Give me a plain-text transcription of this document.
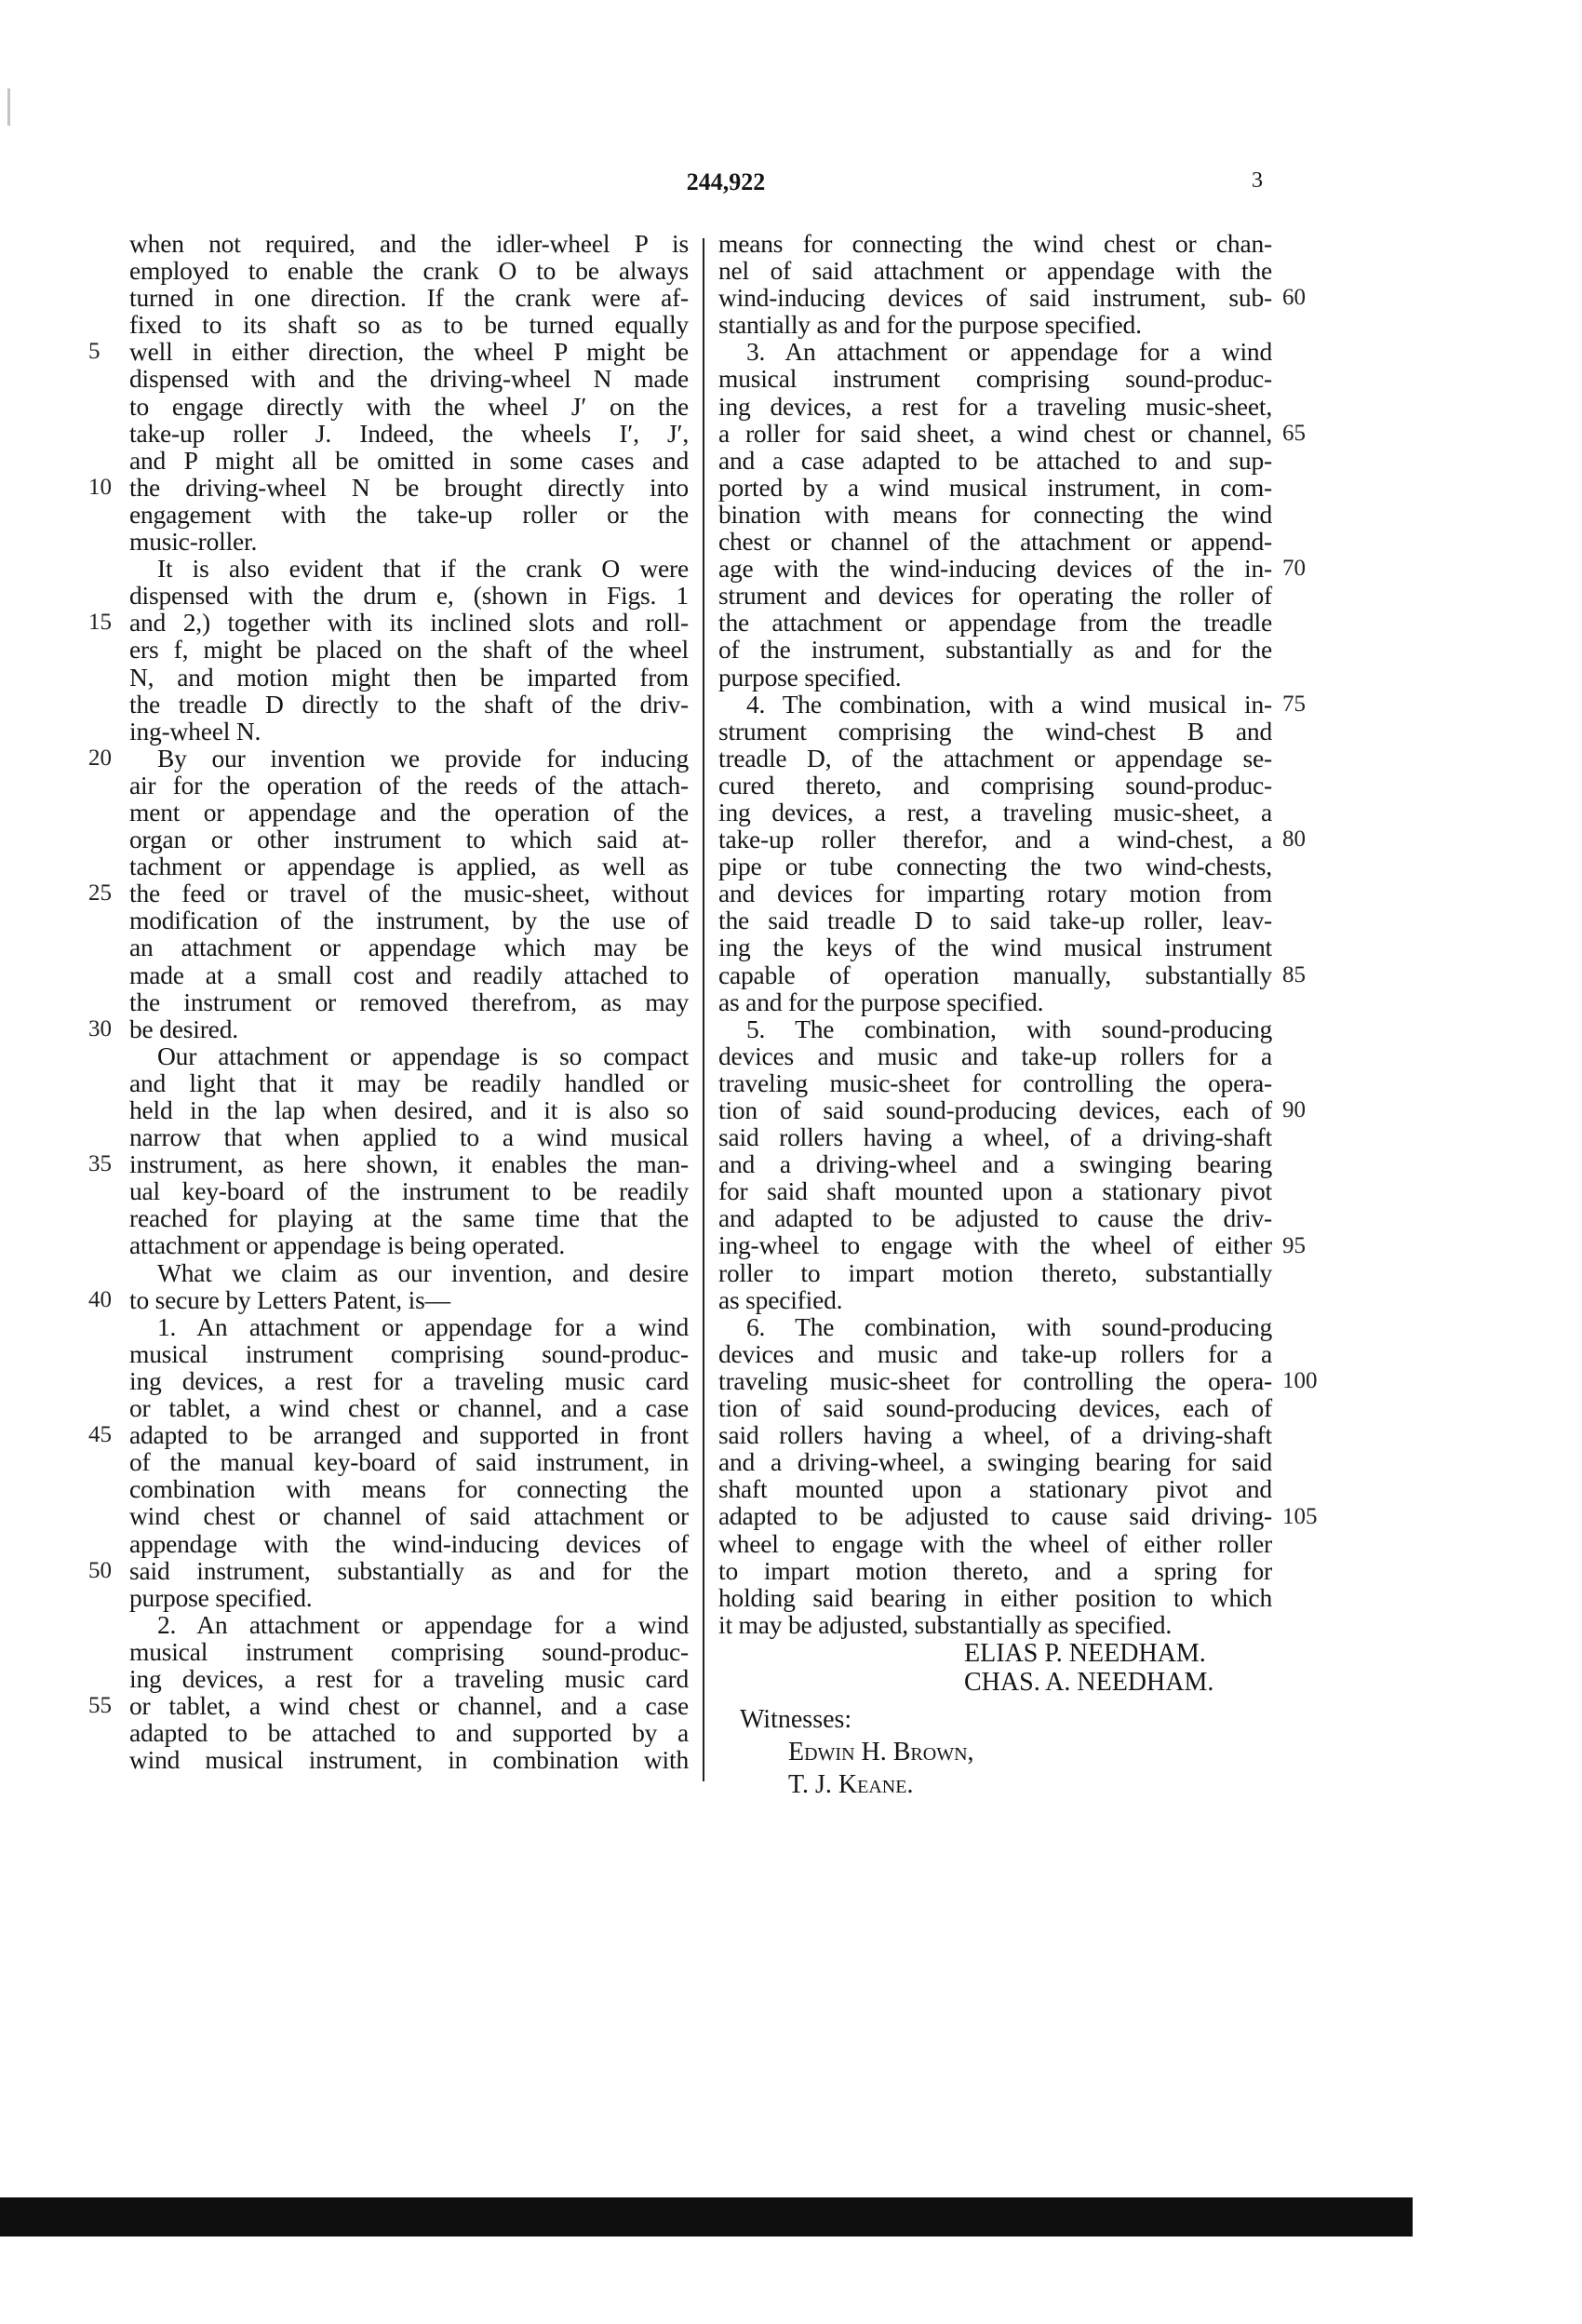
244,922	3
when not required, and the idler-wheel P is
employed to enable the crank O to be always
turned in one direction. If the crank were af-
fixed to its shaft so as to be turned equally
well in either direction, the wheel P might be
dispensed with and the driving-wheel N made
to engage directly with the wheel J′ on the
take-up roller J. Indeed, the wheels I′, J′,
and P might all be omitted in some cases and
the driving-wheel N be brought directly into
engagement with the take-up roller or the
music-roller.
It is also evident that if the crank O were
dispensed with the drum e, (shown in Figs. 1
and 2,) together with its inclined slots and roll-
ers f, might be placed on the shaft of the wheel
N, and motion might then be imparted from
the treadle D directly to the shaft of the driv-
ing-wheel N.
By our invention we provide for inducing
air for the operation of the reeds of the attach-
ment or appendage and the operation of the
organ or other instrument to which said at-
tachment or appendage is applied, as well as
the feed or travel of the music-sheet, without
modification of the instrument, by the use of
an attachment or appendage which may be
made at a small cost and readily attached to
the instrument or removed therefrom, as may
be desired.
Our attachment or appendage is so compact
and light that it may be readily handled or
held in the lap when desired, and it is also so
narrow that when applied to a wind musical
instrument, as here shown, it enables the man-
ual key-board of the instrument to be readily
reached for playing at the same time that the
attachment or appendage is being operated.
What we claim as our invention, and desire
to secure by Letters Patent, is—
1. An attachment or appendage for a wind
musical instrument comprising sound-produc-
ing devices, a rest for a traveling music card
or tablet, a wind chest or channel, and a case
adapted to be arranged and supported in front
of the manual key-board of said instrument, in
combination with means for connecting the
wind chest or channel of said attachment or
appendage with the wind-inducing devices of
said instrument, substantially as and for the
purpose specified.
2. An attachment or appendage for a wind
musical instrument comprising sound-produc-
ing devices, a rest for a traveling music card
or tablet, a wind chest or channel, and a case
adapted to be attached to and supported by a
wind musical instrument, in combination with
means for connecting the wind chest or chan-
nel of said attachment or appendage with the
wind-inducing devices of said instrument, sub-
stantially as and for the purpose specified.
3. An attachment or appendage for a wind
musical instrument comprising sound-produc-
ing devices, a rest for a traveling music-sheet,
a roller for said sheet, a wind chest or channel,
and a case adapted to be attached to and sup-
ported by a wind musical instrument, in com-
bination with means for connecting the wind
chest or channel of the attachment or append-
age with the wind-inducing devices of the in-
strument and devices for operating the roller of
the attachment or appendage from the treadle
of the instrument, substantially as and for the
purpose specified.
4. The combination, with a wind musical in-
strument comprising the wind-chest B and
treadle D, of the attachment or appendage se-
cured thereto, and comprising sound-produc-
ing devices, a rest, a traveling music-sheet, a
take-up roller therefor, and a wind-chest, a
pipe or tube connecting the two wind-chests,
and devices for imparting rotary motion from
the said treadle D to said take-up roller, leav-
ing the keys of the wind musical instrument
capable of operation manually, substantially
as and for the purpose specified.
5. The combination, with sound-producing
devices and music and take-up rollers for a
traveling music-sheet for controlling the opera-
tion of said sound-producing devices, each of
said rollers having a wheel, of a driving-shaft
and a driving-wheel and a swinging bearing
for said shaft mounted upon a stationary pivot
and adapted to be adjusted to cause the driv-
ing-wheel to engage with the wheel of either
roller to impart motion thereto, substantially
as specified.
6. The combination, with sound-producing
devices and music and take-up rollers for a
traveling music-sheet for controlling the opera-
tion of said sound-producing devices, each of
said rollers having a wheel, of a driving-shaft
and a driving-wheel, a swinging bearing for said
shaft mounted upon a stationary pivot and
adapted to be adjusted to cause said driving-
wheel to engage with the wheel of either roller
to impart motion thereto, and a spring for
holding said bearing in either position to which
it may be adjusted, substantially as specified.
5
10
15
20
25
30
35
40
45
50
55
60
65
70
75
80
85
90
95
100
105
ELIAS P. NEEDHAM.
CHAS. A. NEEDHAM.
Witnesses:
Edwin H. Brown,
T. J. Keane.
